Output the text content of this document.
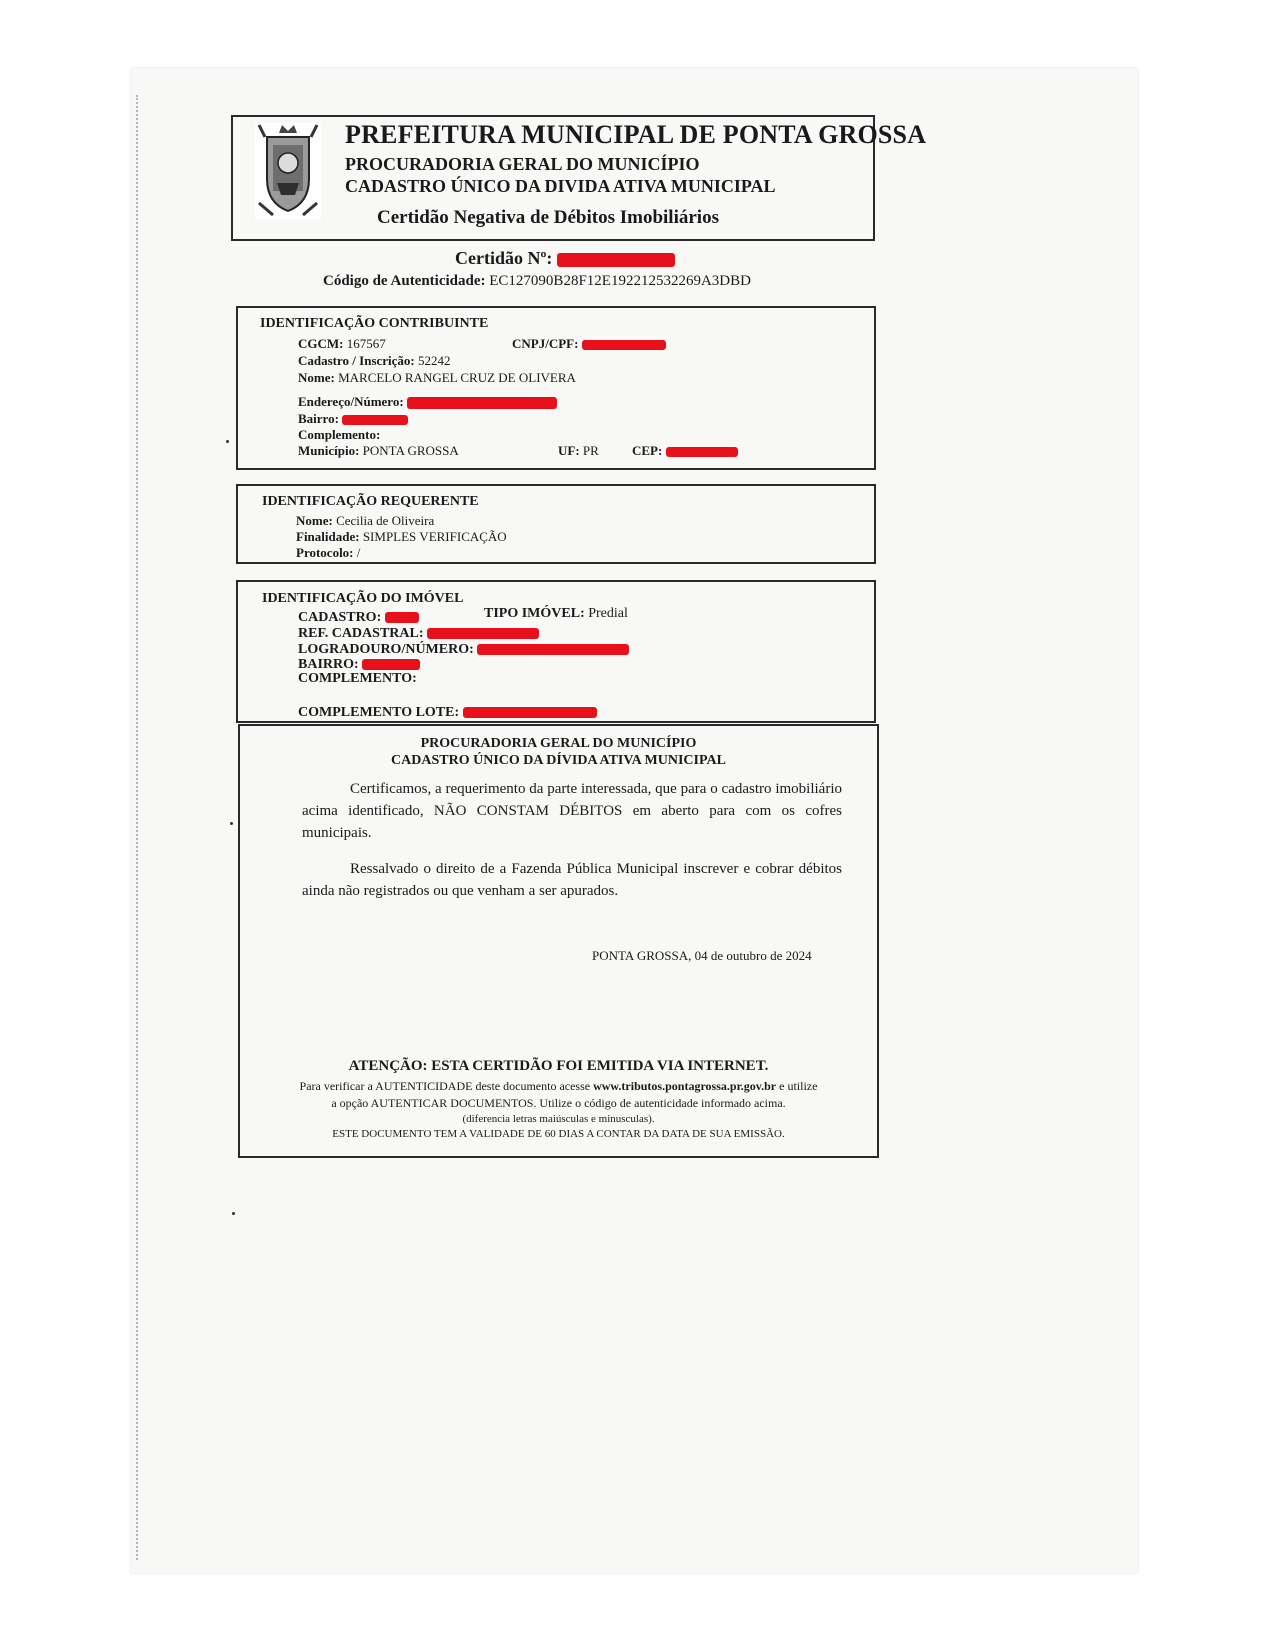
PREFEITURA MUNICIPAL DE PONTA GROSSA
PROCURADORIA GERAL DO MUNICÍPIO
CADASTRO ÚNICO DA DIVIDA ATIVA MUNICIPAL
Certidão Negativa de Débitos Imobiliários
Certidão Nº:
Código de Autenticidade: EC127090B28F12E192212532269A3DBD
IDENTIFICAÇÃO CONTRIBUINTE
CGCM: 167567	CNPJ/CPF:
Cadastro / Inscrição: 52242
Nome: MARCELO RANGEL CRUZ DE OLIVERA
Endereço/Número:
Bairro:
Complemento:
Município: PONTA GROSSA	UF: PR	CEP:
IDENTIFICAÇÃO REQUERENTE
Nome: Cecilia de Oliveira
Finalidade: SIMPLES VERIFICAÇÃO
Protocolo: /
IDENTIFICAÇÃO DO IMÓVEL
CADASTRO:	TIPO IMÓVEL: Predial
REF. CADASTRAL:
LOGRADOURO/NÚMERO:
BAIRRO:
COMPLEMENTO:
COMPLEMENTO LOTE:
PROCURADORIA GERAL DO MUNICÍPIO
CADASTRO ÚNICO DA DÍVIDA ATIVA MUNICIPAL
Certificamos, a requerimento da parte interessada, que para o cadastro imobiliário acima identificado, NÃO CONSTAM DÉBITOS em aberto para com os cofres municipais.
Ressalvado o direito de a Fazenda Pública Municipal inscrever e cobrar débitos ainda não registrados ou que venham a ser apurados.
PONTA GROSSA, 04 de outubro de 2024
ATENÇÃO: ESTA CERTIDÃO FOI EMITIDA VIA INTERNET.
Para verificar a AUTENTICIDADE deste documento acesse www.tributos.pontagrossa.pr.gov.br e utilize
a opção AUTENTICAR DOCUMENTOS. Utilize o código de autenticidade informado acima.
(diferencia letras maiúsculas e minusculas).
ESTE DOCUMENTO TEM A VALIDADE DE 60 DIAS A CONTAR DA DATA DE SUA EMISSÃO.
